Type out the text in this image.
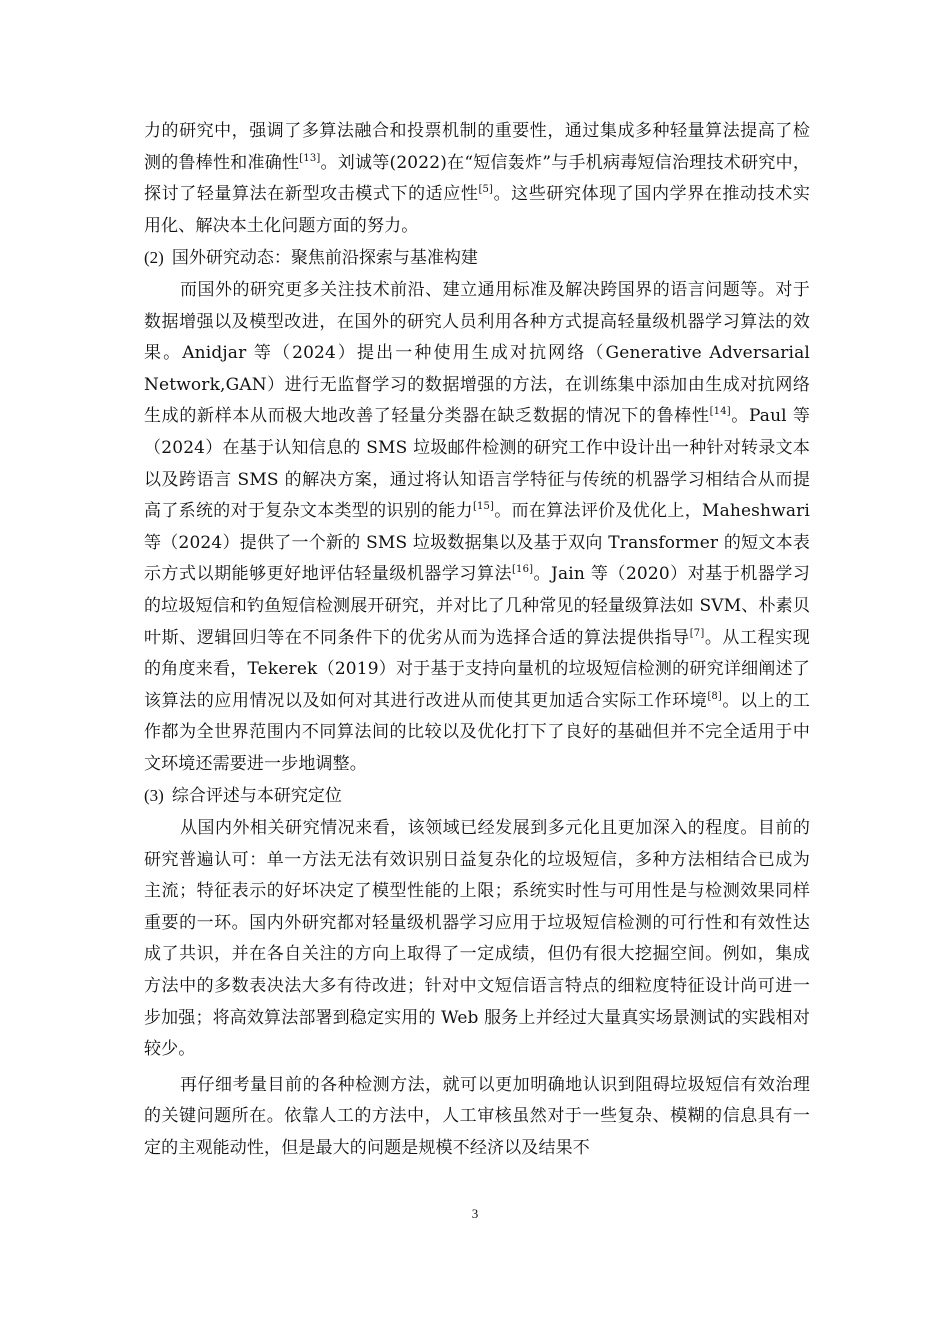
力的研究中，强调了多算法融合和投票机制的重要性，通过集成多种轻量算法提高了检测的鲁棒性和准确性[13]。刘诚等(2022)在“短信轰炸”与手机病毒短信治理技术研究中，探讨了轻量算法在新型攻击模式下的适应性[5]。这些研究体现了国内学界在推动技术实用化、解决本土化问题方面的努力。

(2) 国外研究动态：聚焦前沿探索与基准构建

而国外的研究更多关注技术前沿、建立通用标准及解决跨国界的语言问题等。对于数据增强以及模型改进，在国外的研究人员利用各种方式提高轻量级机器学习算法的效果。Anidjar 等（2024）提出一种使用生成对抗网络（Generative Adversarial Network,GAN）进行无监督学习的数据增强的方法，在训练集中添加由生成对抗网络生成的新样本从而极大地改善了轻量分类器在缺乏数据的情况下的鲁棒性[14]。Paul 等（2024）在基于认知信息的 SMS 垃圾邮件检测的研究工作中设计出一种针对转录文本以及跨语言 SMS 的解决方案，通过将认知语言学特征与传统的机器学习相结合从而提高了系统的对于复杂文本类型的识别的能力[15]。而在算法评价及优化上，Maheshwari 等（2024）提供了一个新的 SMS 垃圾数据集以及基于双向 Transformer 的短文本表示方式以期能够更好地评估轻量级机器学习算法[16]。Jain 等（2020）对基于机器学习的垃圾短信和钓鱼短信检测展开研究，并对比了几种常见的轻量级算法如 SVM、朴素贝叶斯、逻辑回归等在不同条件下的优劣从而为选择合适的算法提供指导[7]。从工程实现的角度来看，Tekerek（2019）对于基于支持向量机的垃圾短信检测的研究详细阐述了该算法的应用情况以及如何对其进行改进从而使其更加适合实际工作环境[8]。以上的工作都为全世界范围内不同算法间的比较以及优化打下了良好的基础但并不完全适用于中文环境还需要进一步地调整。

(3) 综合评述与本研究定位

从国内外相关研究情况来看，该领域已经发展到多元化且更加深入的程度。目前的研究普遍认可：单一方法无法有效识别日益复杂化的垃圾短信，多种方法相结合已成为主流；特征表示的好坏决定了模型性能的上限；系统实时性与可用性是与检测效果同样重要的一环。国内外研究都对轻量级机器学习应用于垃圾短信检测的可行性和有效性达成了共识，并在各自关注的方向上取得了一定成绩，但仍有很大挖掘空间。例如，集成方法中的多数表决法大多有待改进；针对中文短信语言特点的细粒度特征设计尚可进一步加强；将高效算法部署到稳定实用的 Web 服务上并经过大量真实场景测试的实践相对较少。

再仔细考量目前的各种检测方法，就可以更加明确地认识到阻碍垃圾短信有效治理的关键问题所在。依靠人工的方法中，人工审核虽然对于一些复杂、模糊的信息具有一定的主观能动性，但是最大的问题是规模不经济以及结果不

3
